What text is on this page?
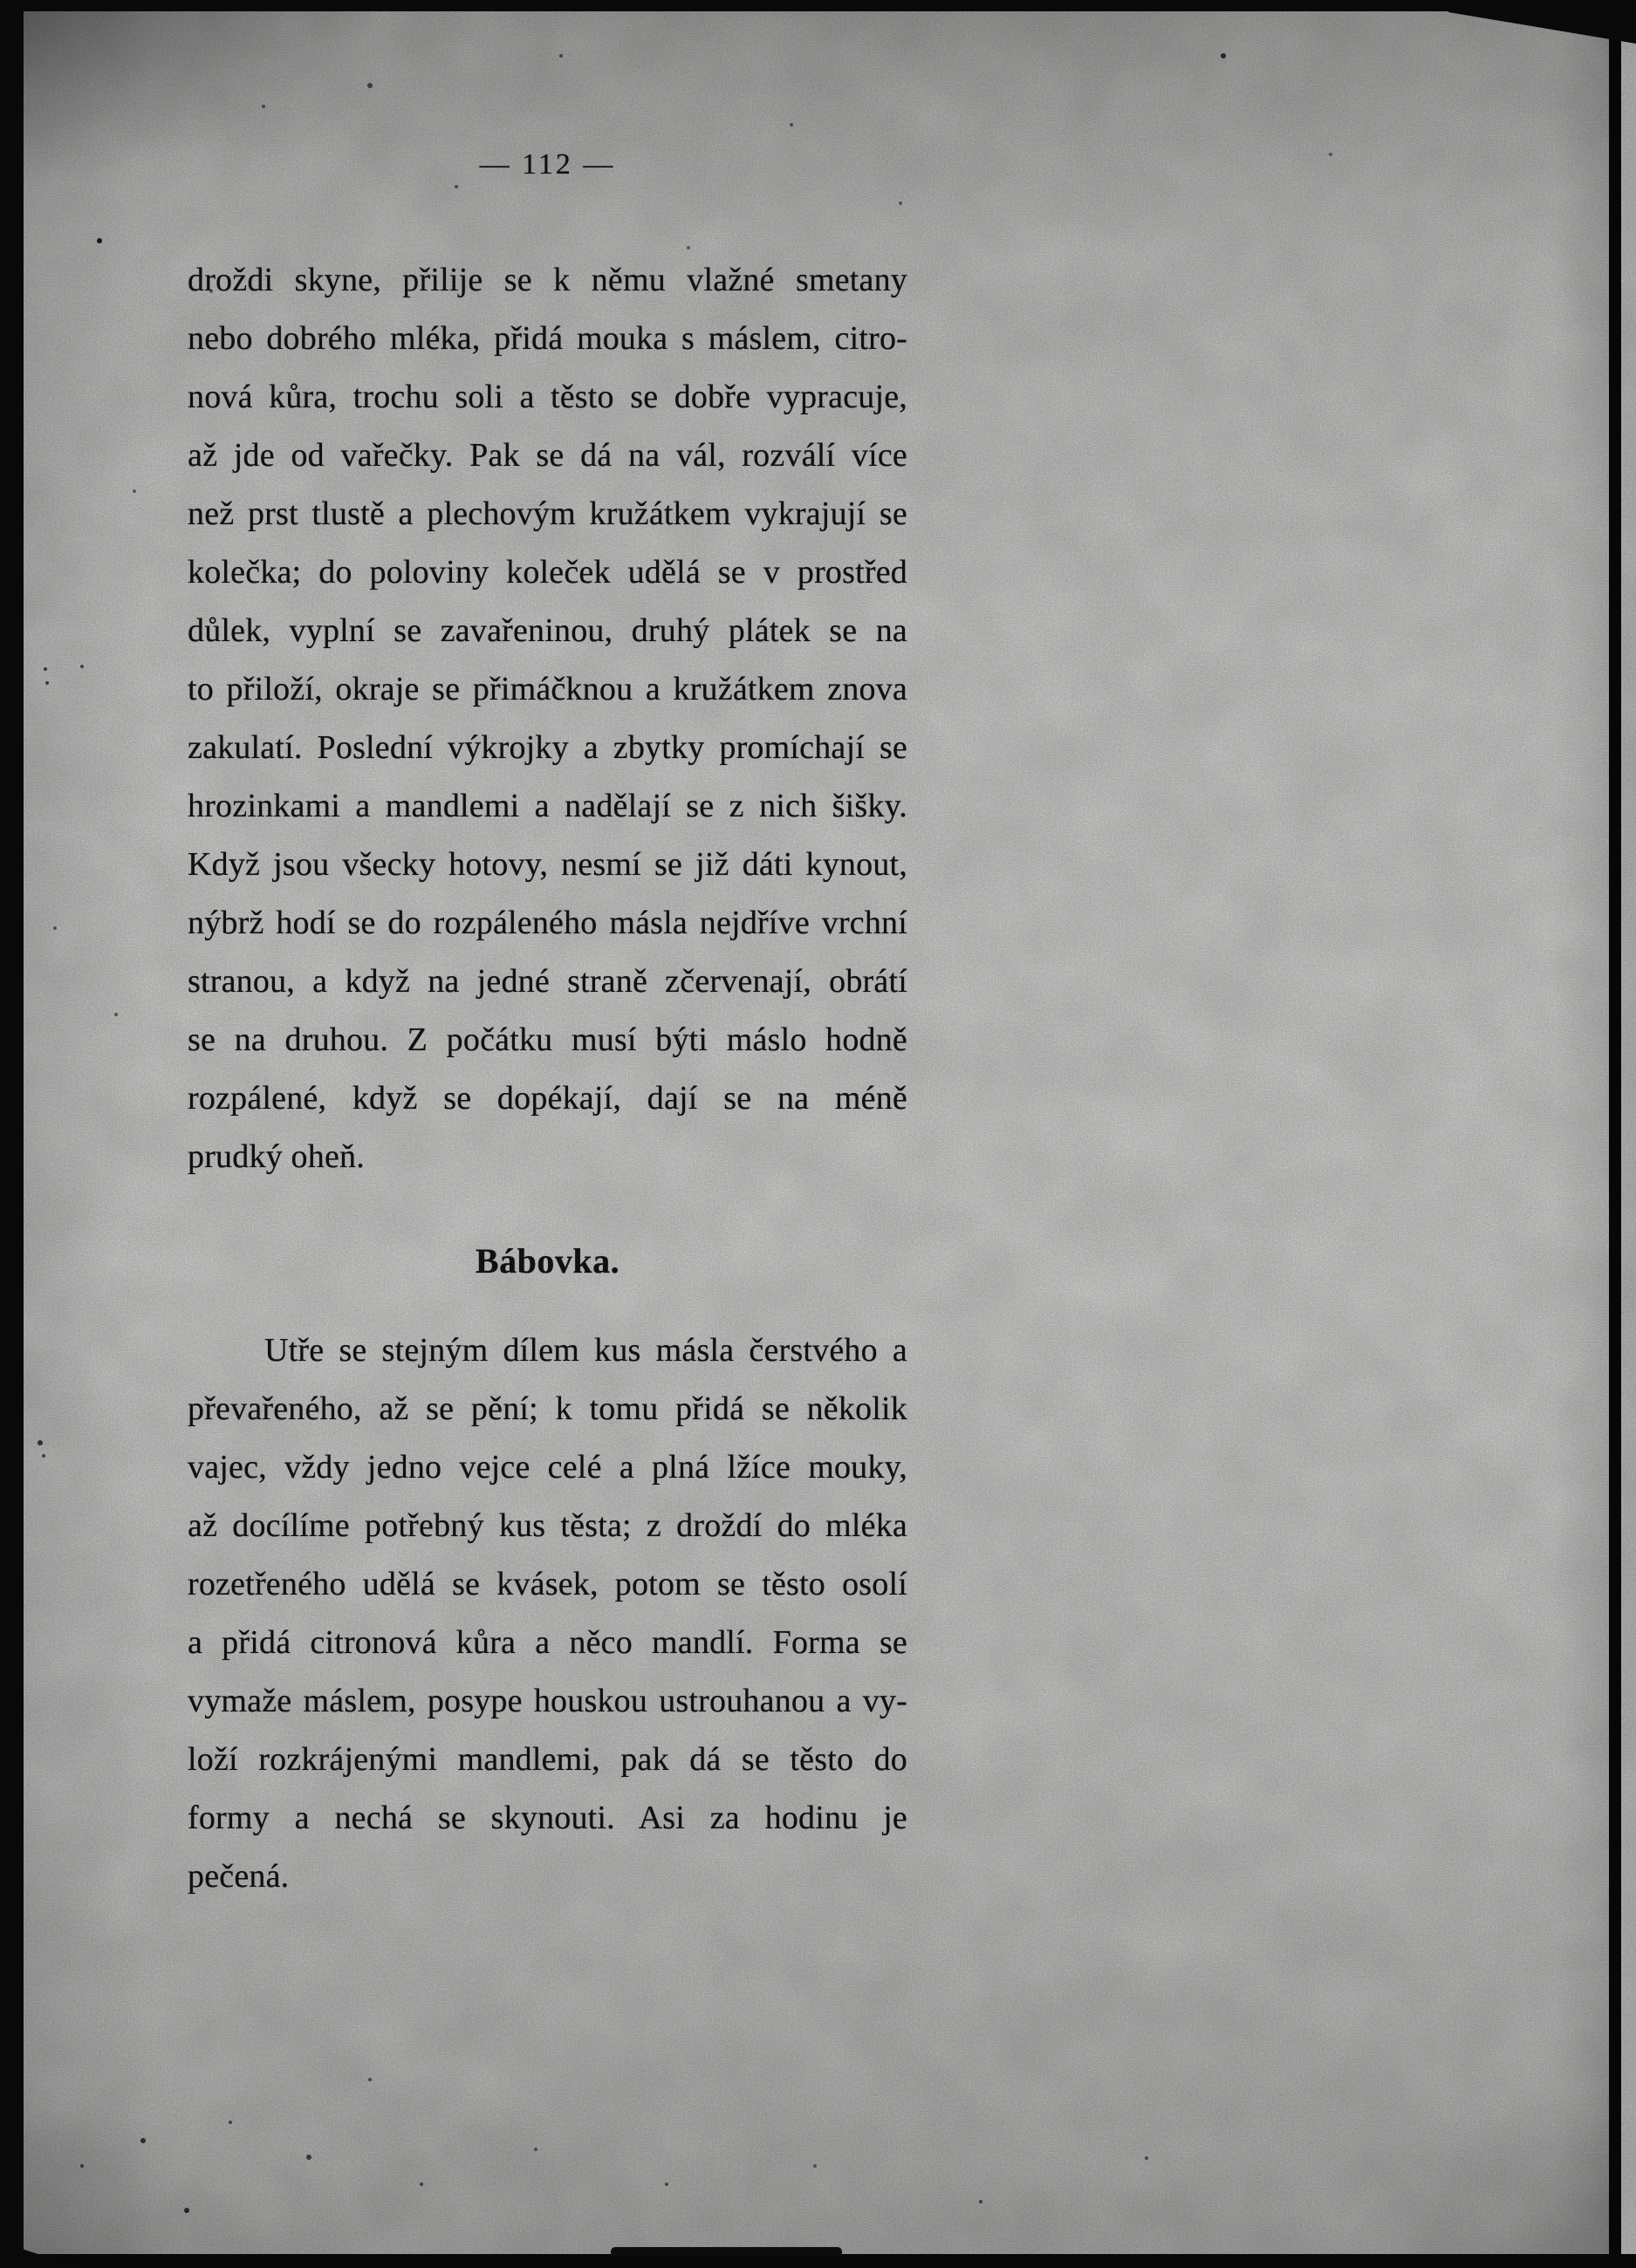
— 112 —
droždi skyne, přilije se k němu vlažné smetany
nebo dobrého mléka, přidá mouka s máslem, citro-
nová kůra, trochu soli a těsto se dobře vypracuje,
až jde od vařečky. Pak se dá na vál, rozválí více
než prst tlustě a plechovým kružátkem vykrajují se
kolečka; do poloviny koleček udělá se v prostřed
důlek, vyplní se zavařeninou, druhý plátek se na
to přiloží, okraje se přimáčknou a kružátkem znova
zakulatí. Poslední výkrojky a zbytky promíchají se
hrozinkami a mandlemi a nadělají se z nich šišky.
Když jsou všecky hotovy, nesmí se již dáti kynout,
nýbrž hodí se do rozpáleného másla nejdříve vrchní
stranou, a když na jedné straně zčervenají, obrátí
se na druhou. Z počátku musí býti máslo hodně
rozpálené, když se dopékají, dají se na méně
prudký oheň.
Bábovka.
Utře se stejným dílem kus másla čerstvého a
převařeného, až se pění; k tomu přidá se několik
vajec, vždy jedno vejce celé a plná lžíce mouky,
až docílíme potřebný kus těsta; z droždí do mléka
rozetřeného udělá se kvásek, potom se těsto osolí
a přidá citronová kůra a něco mandlí. Forma se
vymaže máslem, posype houskou ustrouhanou a vy-
loží rozkrájenými mandlemi, pak dá se těsto do
formy a nechá se skynouti. Asi za hodinu je
pečená.
